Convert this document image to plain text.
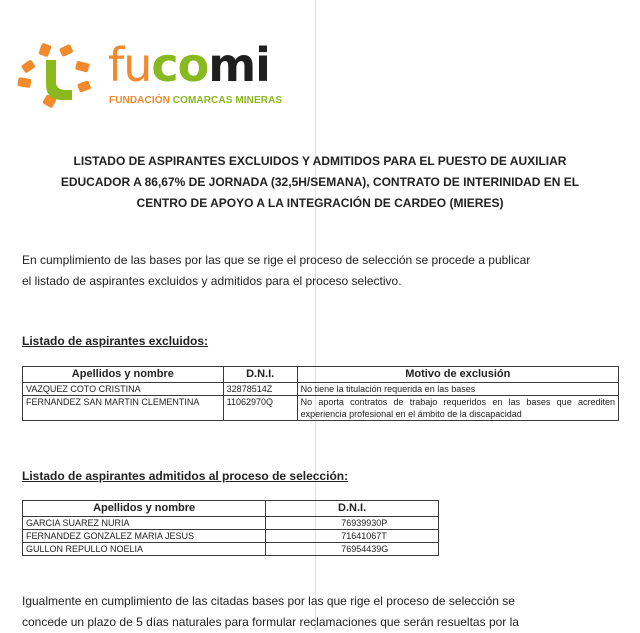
fucomi
FUNDACIÓN COMARCAS MINERAS
LISTADO DE ASPIRANTES EXCLUIDOS Y ADMITIDOS PARA EL PUESTO DE AUXILIAR
EDUCADOR A 86,67% DE JORNADA (32,5H/SEMANA), CONTRATO DE INTERINIDAD EN EL
CENTRO DE APOYO A LA INTEGRACIÓN DE CARDEO (MIERES)
En cumplimiento de las bases por las que se rige el proceso de selección se procede a publicar
el listado de aspirantes excluidos y admitidos para el proceso selectivo.
Listado de aspirantes excluidos:
Apellidos y nombre	D.N.I.	Motivo de exclusión
VAZQUEZ COTO CRISTINA	32878514Z	No tiene la titulación requerida en las bases
FERNANDEZ SAN MARTIN CLEMENTINA	11062970Q	No aporta contratos de trabajo requeridos en las bases que acrediten experiencia profesional en el ámbito de la discapacidad
Listado de aspirantes admitidos al proceso de selección:
Apellidos y nombre	D.N.I.
GARCIA SUAREZ NURIA	76939930P
FERNANDEZ GONZALEZ MARIA JESUS	71641067T
GULLON REPULLO NOELIA	76954439G
Igualmente en cumplimiento de las citadas bases por las que rige el proceso de selección se
concede un plazo de 5 días naturales para formular reclamaciones que serán resueltas por la
